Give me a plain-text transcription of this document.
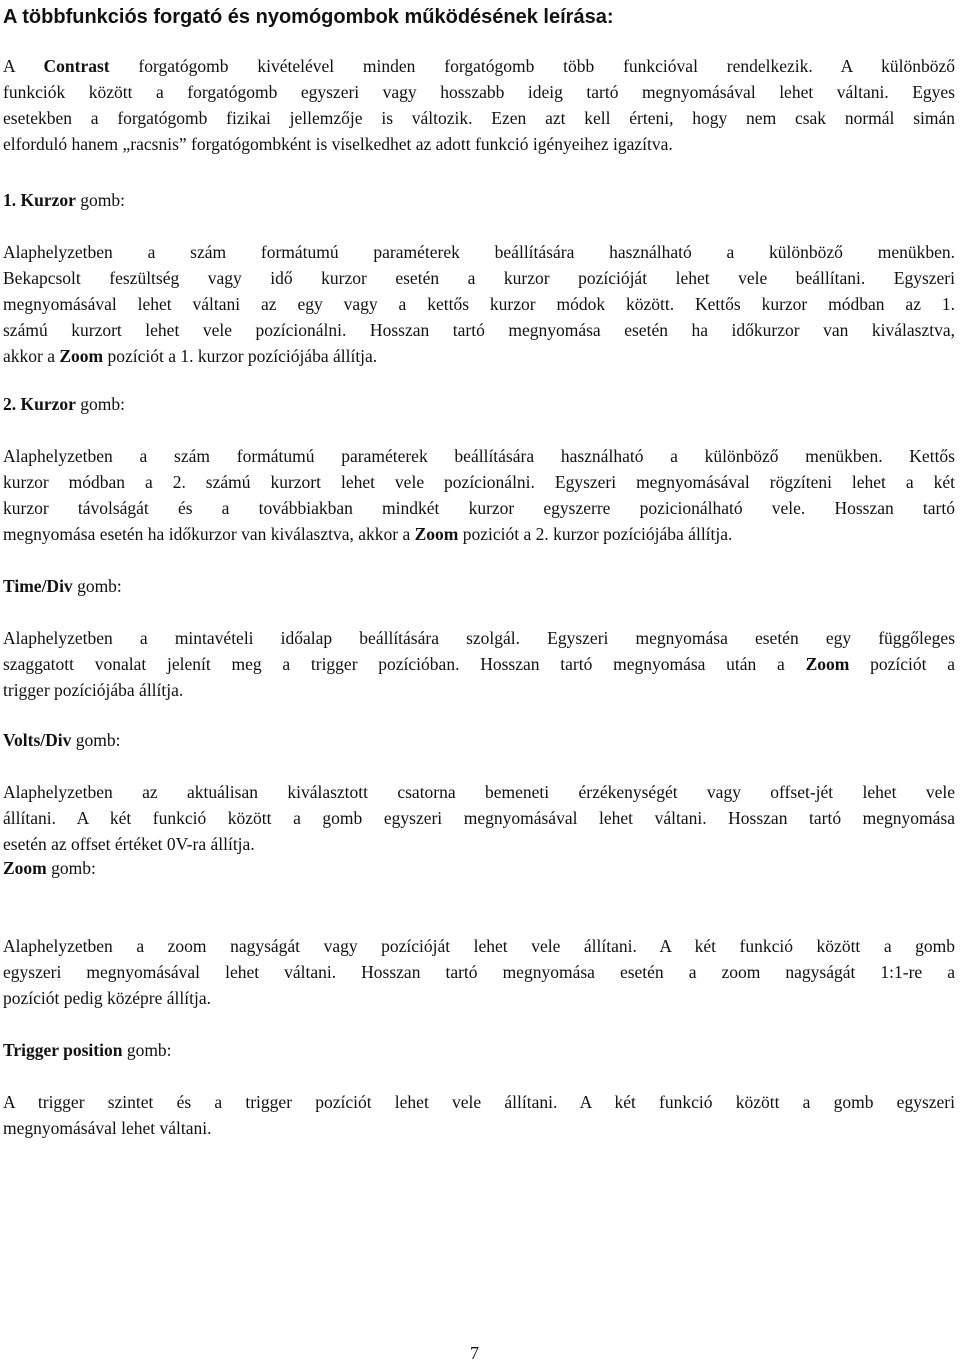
A többfunkciós forgató és nyomógombok működésének leírása:
A Contrast forgatógomb kivételével minden forgatógomb több funkcióval rendelkezik. A különböző
funkciók között a forgatógomb egyszeri vagy hosszabb ideig tartó megnyomásával lehet váltani. Egyes
esetekben a forgatógomb fizikai jellemzője is változik. Ezen azt kell érteni, hogy nem csak normál simán
elforduló hanem „racsnis” forgatógombként is viselkedhet az adott funkció igényeihez igazítva.
1. Kurzor gomb:
Alaphelyzetben a szám formátumú paraméterek beállítására használható a különböző menükben.
Bekapcsolt feszültség vagy idő kurzor esetén a kurzor pozícióját lehet vele beállítani. Egyszeri
megnyomásával lehet váltani az egy vagy a kettős kurzor módok között. Kettős kurzor módban az 1.
számú kurzort lehet vele pozícionálni. Hosszan tartó megnyomása esetén ha időkurzor van kiválasztva,
akkor a Zoom pozíciót a 1. kurzor pozíciójába állítja.
2. Kurzor gomb:
Alaphelyzetben a szám formátumú paraméterek beállítására használható a különböző menükben. Kettős
kurzor módban a 2. számú kurzort lehet vele pozícionálni. Egyszeri megnyomásával rögzíteni lehet a két
kurzor távolságát és a továbbiakban mindkét kurzor egyszerre pozicionálható vele. Hosszan tartó
megnyomása esetén ha időkurzor van kiválasztva, akkor a Zoom poziciót a 2. kurzor pozíciójába állítja.
Time/Div gomb:
Alaphelyzetben a mintavételi időalap beállítására szolgál. Egyszeri megnyomása esetén egy függőleges
szaggatott vonalat jelenít meg a trigger pozícióban. Hosszan tartó megnyomása után a Zoom pozíciót a
trigger pozíciójába állítja.
Volts/Div gomb:
Alaphelyzetben az aktuálisan kiválasztott csatorna bemeneti érzékenységét vagy offset-jét lehet vele
állítani. A két funkció között a gomb egyszeri megnyomásával lehet váltani. Hosszan tartó megnyomása
esetén az offset értéket 0V-ra állítja.
Zoom gomb:
Alaphelyzetben a zoom nagyságát vagy pozícióját lehet vele állítani. A két funkció között a gomb
egyszeri megnyomásával lehet váltani. Hosszan tartó megnyomása esetén a zoom nagyságát 1:1-re a
pozíciót pedig középre állítja.
Trigger position gomb:
A trigger szintet és a trigger pozíciót lehet vele állítani. A két funkció között a gomb egyszeri
megnyomásával lehet váltani.
7
